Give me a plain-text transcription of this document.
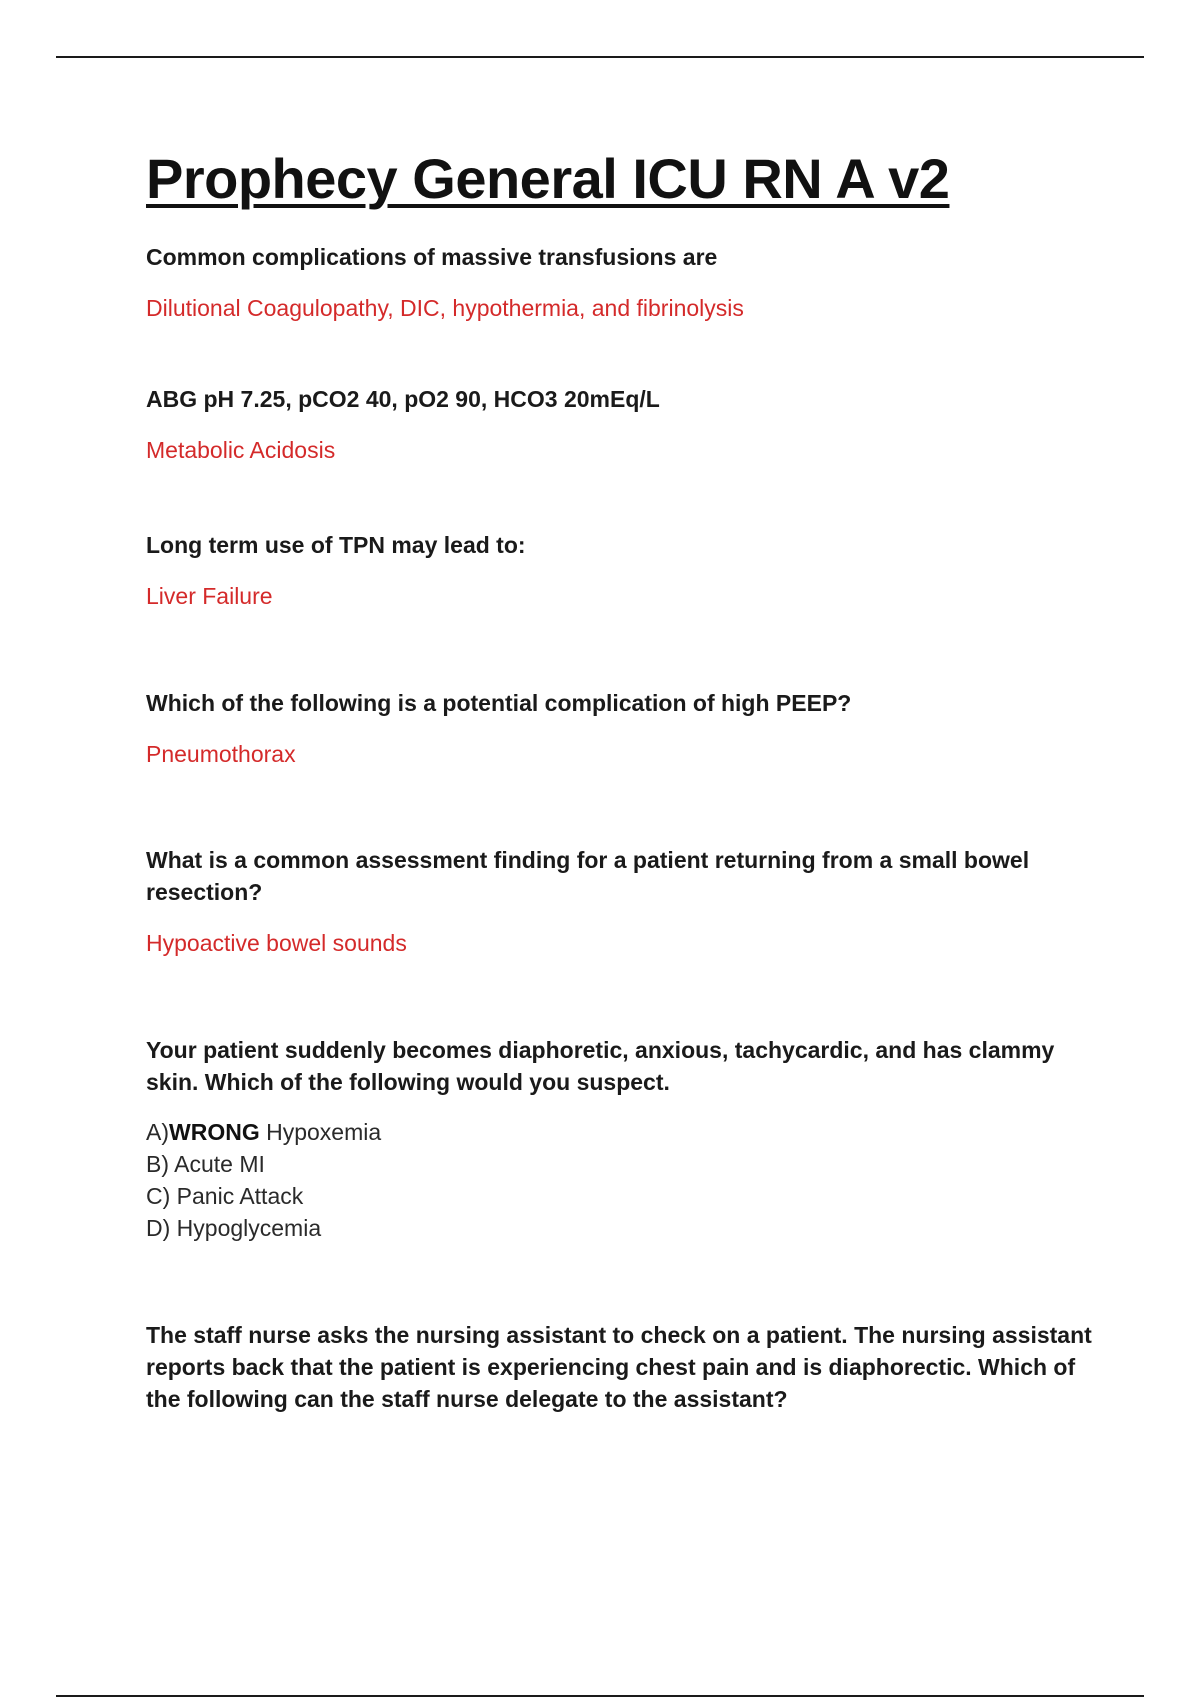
Prophecy General ICU RN A v2

Common complications of massive transfusions are

Dilutional Coagulopathy, DIC, hypothermia, and fibrinolysis

ABG pH 7.25, pCO2 40, pO2 90, HCO3 20mEq/L

Metabolic Acidosis

Long term use of TPN may lead to:

Liver Failure

Which of the following is a potential complication of high PEEP?

Pneumothorax

What is a common assessment finding for a patient returning from a small bowel resection?

Hypoactive bowel sounds

Your patient suddenly becomes diaphoretic, anxious, tachycardic, and has clammy skin. Which of the following would you suspect.

A)WRONG Hypoxemia
B) Acute MI
C) Panic Attack
D) Hypoglycemia

The staff nurse asks the nursing assistant to check on a patient. The nursing assistant reports back that the patient is experiencing chest pain and is diaphorectic. Which of the following can the staff nurse delegate to the assistant?
